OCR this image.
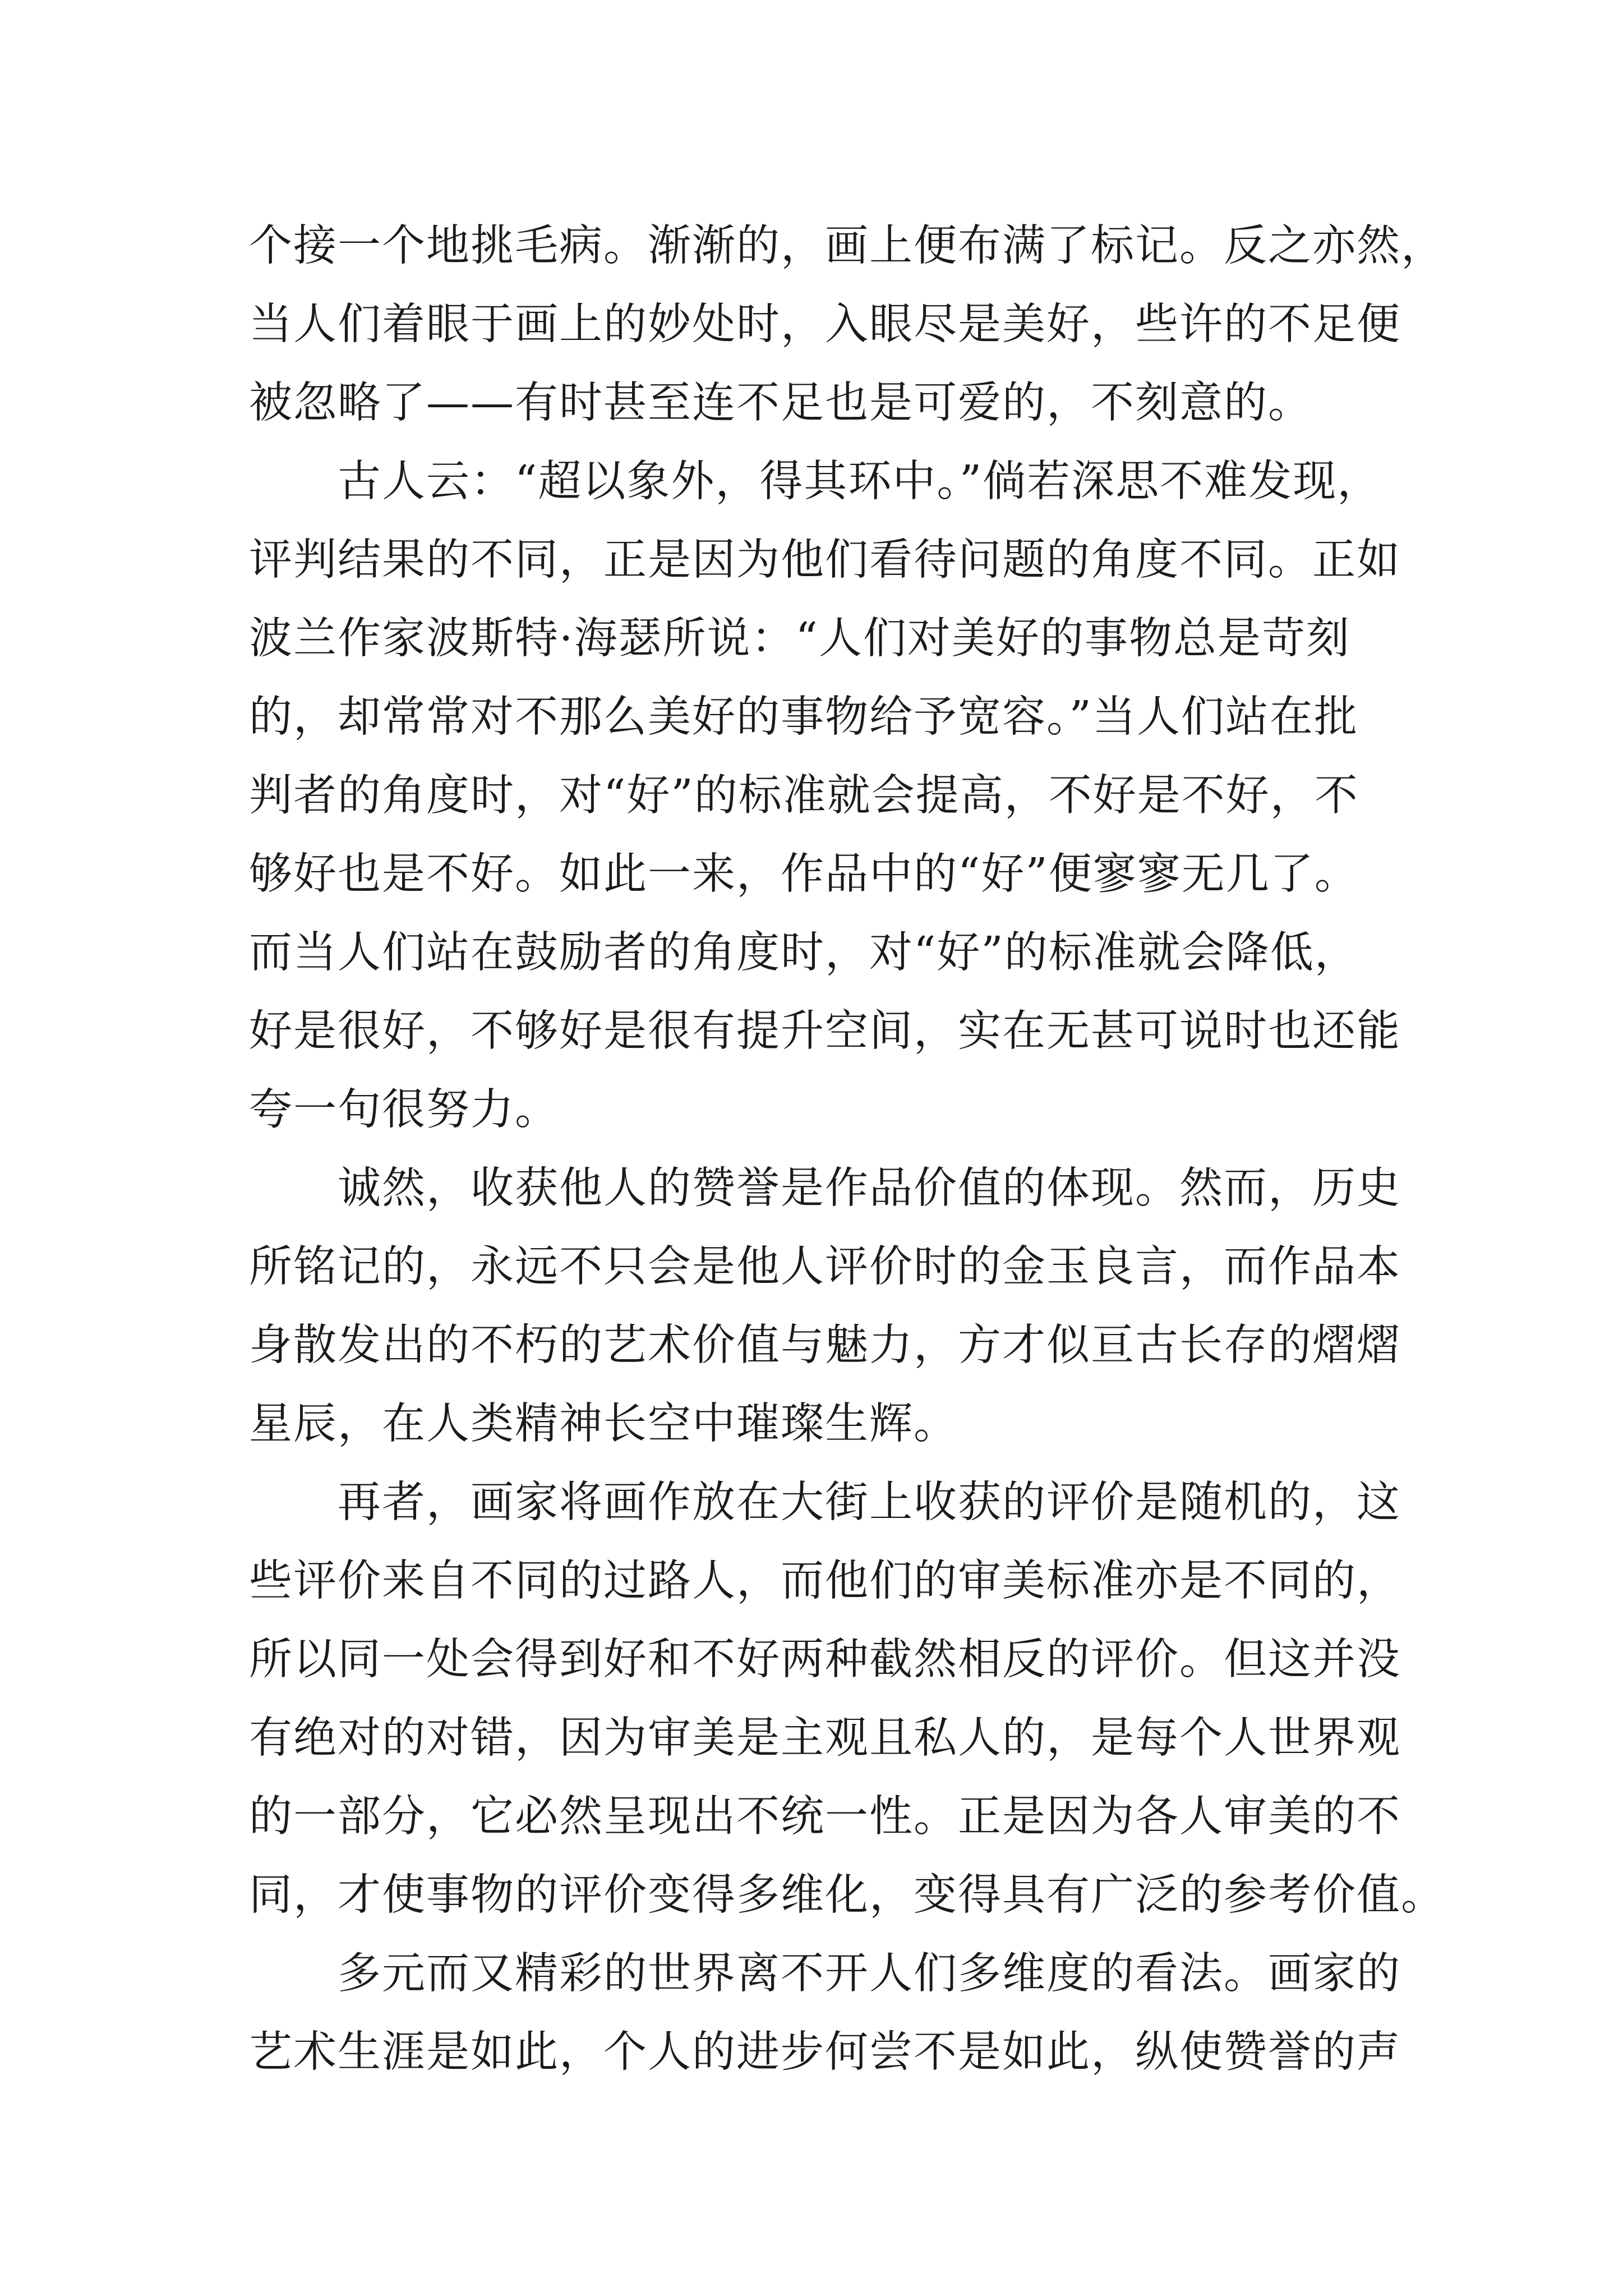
个接一个地挑毛病。渐渐的，画上便布满了标记。反之亦然，
当人们着眼于画上的妙处时，入眼尽是美好，些许的不足便
被忽略了——有时甚至连不足也是可爱的，不刻意的。
古人云：“超以象外，得其环中。”倘若深思不难发现，
评判结果的不同，正是因为他们看待问题的角度不同。正如
波兰作家波斯特·海瑟所说：“人们对美好的事物总是苛刻
的，却常常对不那么美好的事物给予宽容。”当人们站在批
判者的角度时，对“好”的标准就会提高，不好是不好，不
够好也是不好。如此一来，作品中的“好”便寥寥无几了。
而当人们站在鼓励者的角度时，对“好”的标准就会降低，
好是很好，不够好是很有提升空间，实在无甚可说时也还能
夸一句很努力。
诚然，收获他人的赞誉是作品价值的体现。然而，历史
所铭记的，永远不只会是他人评价时的金玉良言，而作品本
身散发出的不朽的艺术价值与魅力，方才似亘古长存的熠熠
星辰，在人类精神长空中璀璨生辉。
再者，画家将画作放在大街上收获的评价是随机的，这
些评价来自不同的过路人，而他们的审美标准亦是不同的，
所以同一处会得到好和不好两种截然相反的评价。但这并没
有绝对的对错，因为审美是主观且私人的，是每个人世界观
的一部分，它必然呈现出不统一性。正是因为各人审美的不
同，才使事物的评价变得多维化，变得具有广泛的参考价值。
多元而又精彩的世界离不开人们多维度的看法。画家的
艺术生涯是如此，个人的进步何尝不是如此，纵使赞誉的声
